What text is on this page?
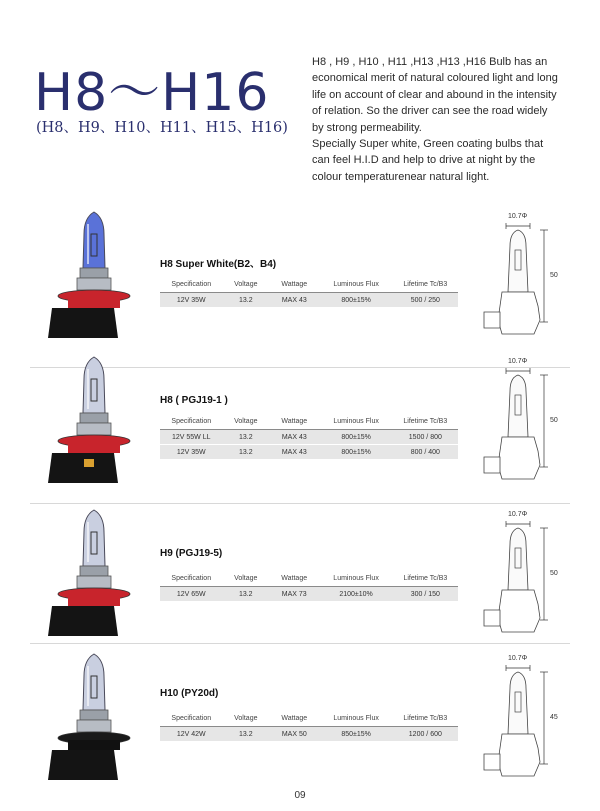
H8～H16
(H8、H9、H10、H11、H15、H16)

H8 , H9 , H10 , H11 ,H13 ,H13 ,H16 Bulb has an economical merit of natural coloured light and long life on account of clear and abound in the intensity of relation. So the driver can see the road widely by strong permeability.

Specially Super white, Green coating bulbs that can feel H.I.D and help to drive at night by the colour temperaturenear natural light.

H8 Super White(B2、B4)
Specification	Voltage	Wattage	Luminous Flux	Lifetime Tc/B3
12V 35W	13.2	MAX 43	800±15%	500 / 250
10.7Φ
50
H8 ( PGJ19-1 )
Specification	Voltage	Wattage	Luminous Flux	Lifetime Tc/B3
12V 55W LL	13.2	MAX 43	800±15%	1500 / 800
12V 35W	13.2	MAX 43	800±15%	800 / 400
10.7Φ
50
H9 (PGJ19-5)
Specification	Voltage	Wattage	Luminous Flux	Lifetime Tc/B3
12V 65W	13.2	MAX 73	2100±10%	300 / 150
10.7Φ
50
H10 (PY20d)
Specification	Voltage	Wattage	Luminous Flux	Lifetime Tc/B3
12V 42W	13.2	MAX 50	850±15%	1200 / 600
10.7Φ
45
09
